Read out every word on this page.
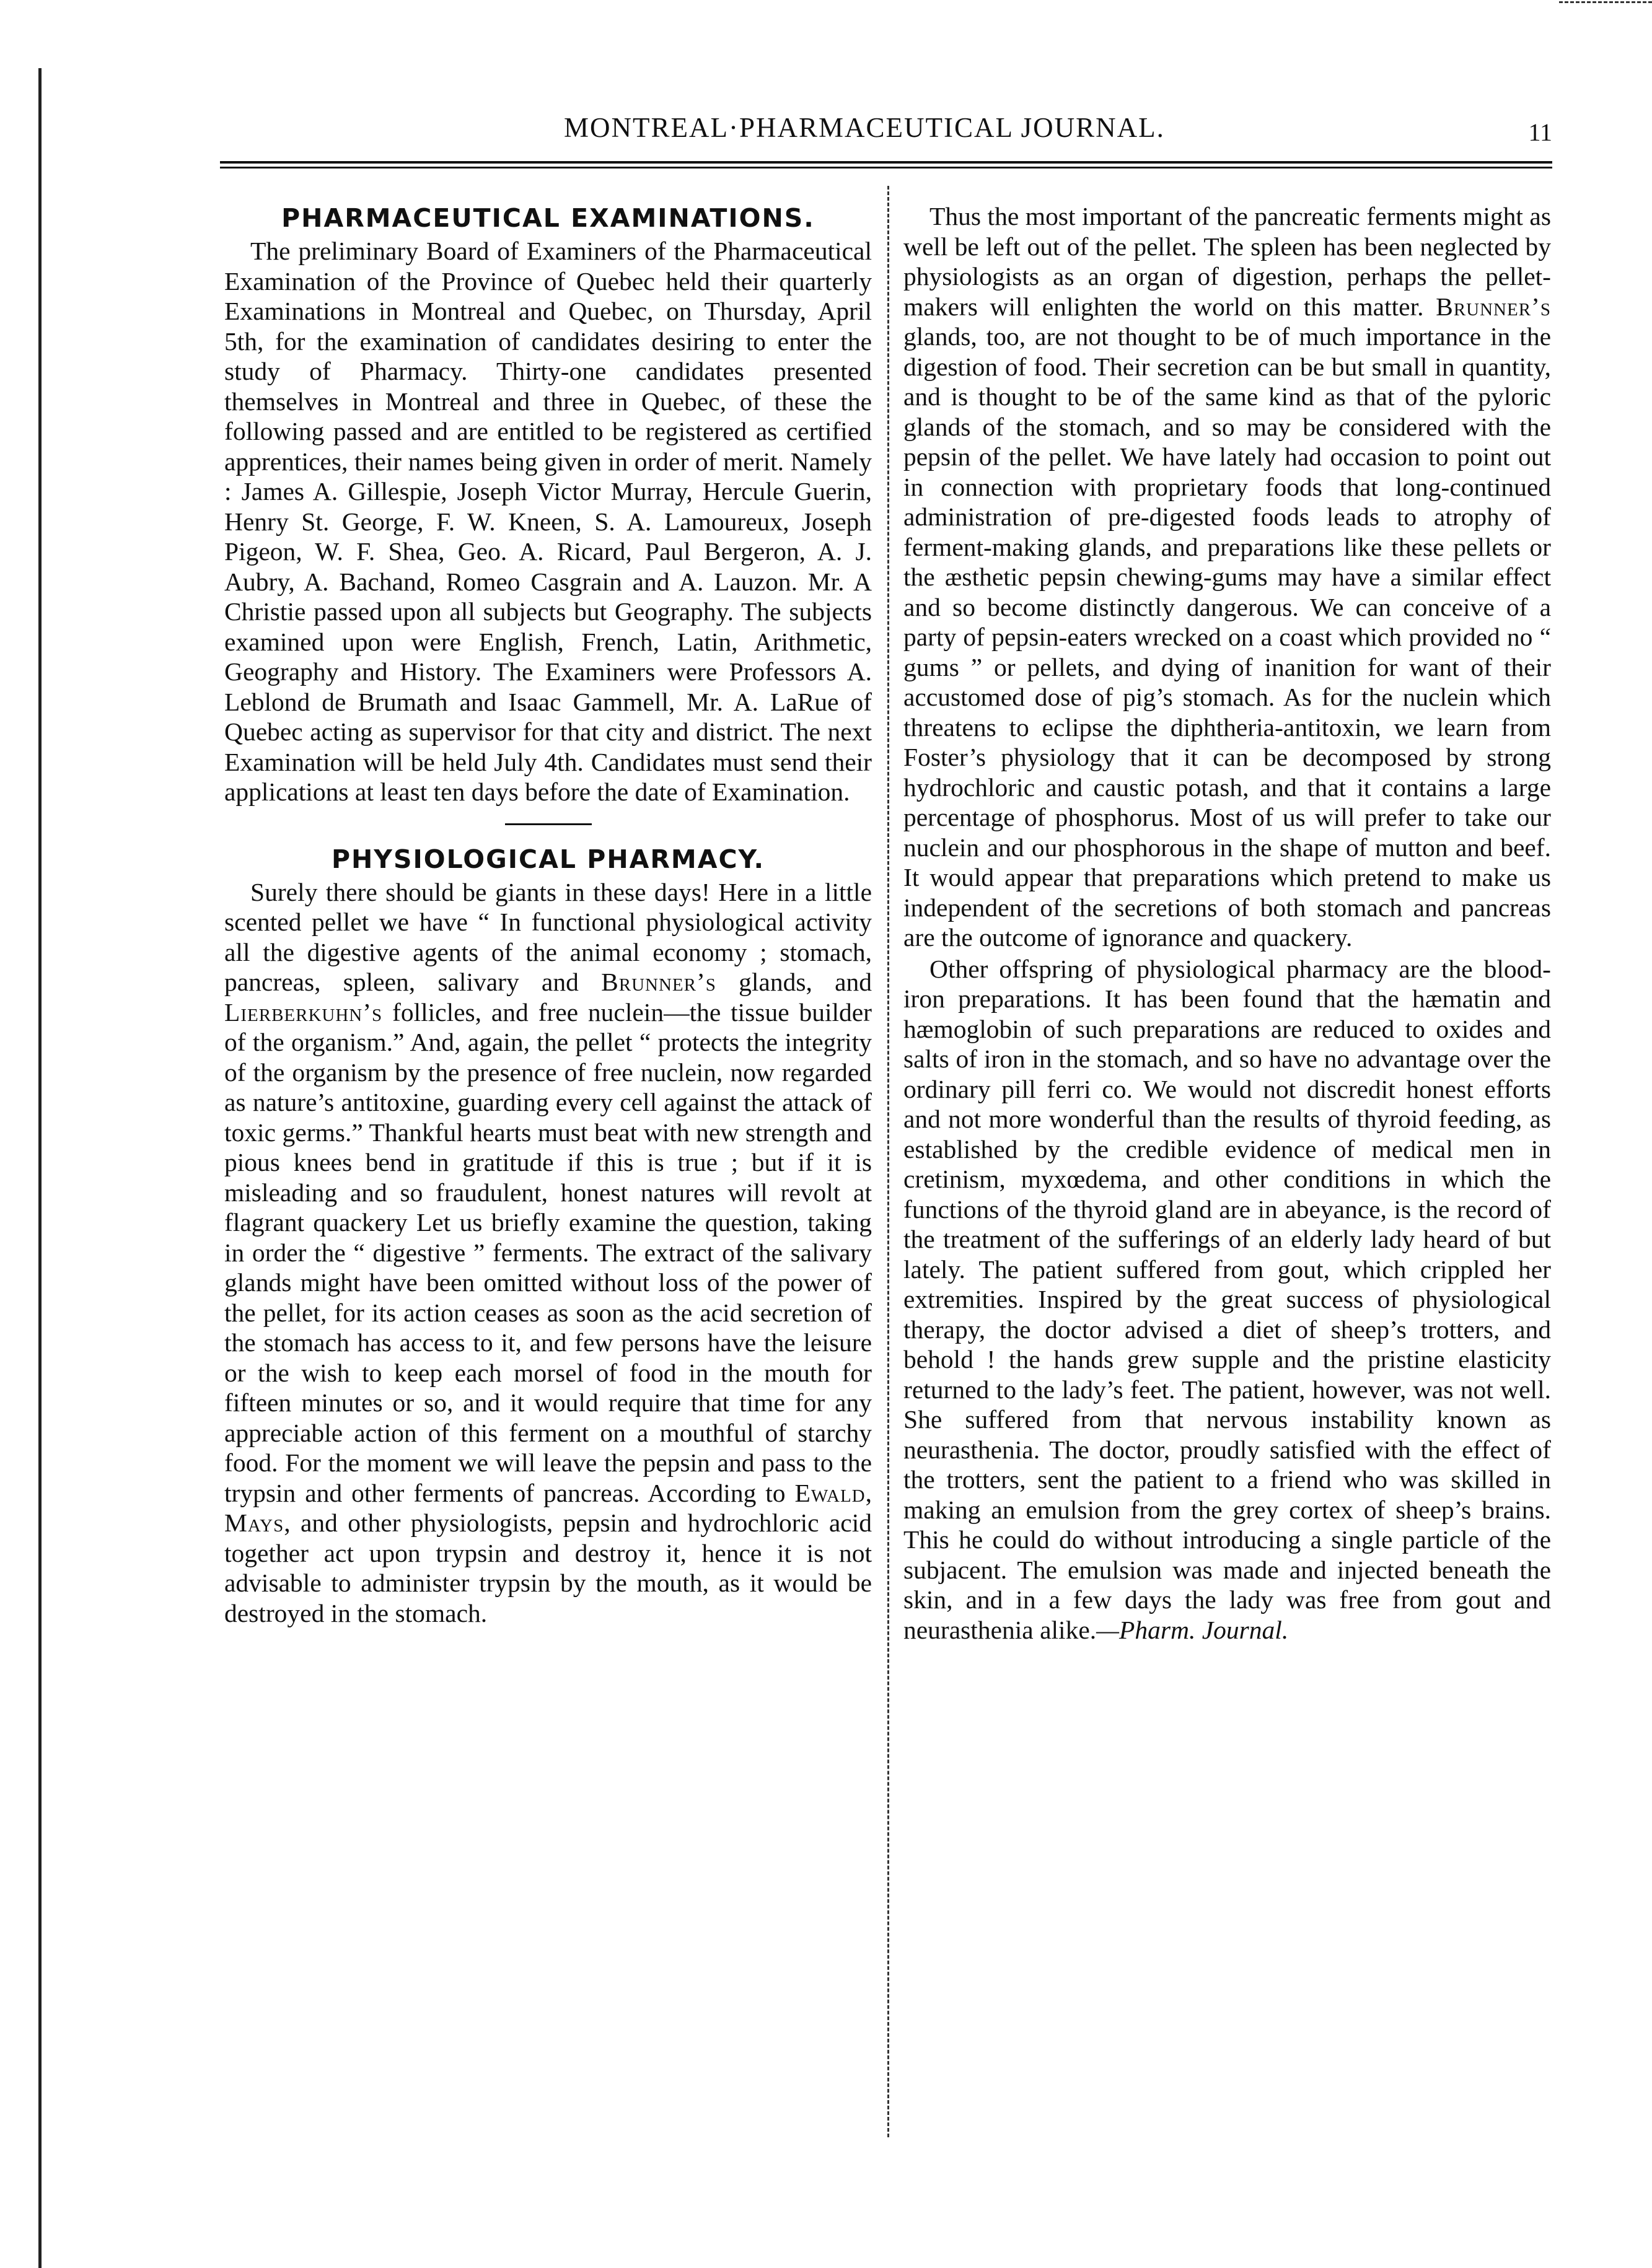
MONTREAL·PHARMACEUTICAL JOURNAL.	11
PHARMACEUTICAL EXAMINATIONS.

The preliminary Board of Examiners of the Pharmaceutical Examination of the Province of Quebec held their quarterly Examinations in Montreal and Quebec, on Thursday, April 5th, for the examination of candidates desiring to enter the study of Pharmacy. Thirty-one candidates presented themselves in Montreal and three in Quebec, of these the following passed and are entitled to be registered as certified apprentices, their names being given in order of merit. Namely : James A. Gillespie, Joseph Victor Murray, Hercule Guerin, Henry St. George, F. W. Kneen, S. A. Lamoureux, Joseph Pigeon, W. F. Shea, Geo. A. Ricard, Paul Bergeron, A. J. Aubry, A. Bachand, Romeo Casgrain and A. Lauzon. Mr. A Christie passed upon all subjects but Geography. The subjects examined upon were English, French, Latin, Arithmetic, Geography and History. The Examiners were Professors A. Leblond de Brumath and Isaac Gammell, Mr. A. LaRue of Quebec acting as supervisor for that city and district. The next Examination will be held July 4th. Candidates must send their applications at least ten days before the date of Examination.

PHYSIOLOGICAL PHARMACY.

Surely there should be giants in these days! Here in a little scented pellet we have “ In functional physiological activity all the digestive agents of the animal economy ; stomach, pancreas, spleen, salivary and Brunner’s glands, and Lierberkuhn’s follicles, and free nuclein—the tissue builder of the organism.” And, again, the pellet “ protects the integrity of the organism by the presence of free nuclein, now regarded as nature’s antitoxine, guarding every cell against the attack of toxic germs.” Thankful hearts must beat with new strength and pious knees bend in gratitude if this is true ; but if it is misleading and so fraudulent, honest natures will revolt at flagrant quackery Let us briefly examine the question, taking in order the “ digestive ” ferments. The extract of the salivary glands might have been omitted without loss of the power of the pellet, for its action ceases as soon as the acid secretion of the stomach has access to it, and few persons have the leisure or the wish to keep each morsel of food in the mouth for fifteen minutes or so, and it would require that time for any appreciable action of this ferment on a mouthful of starchy food. For the moment we will leave the pepsin and pass to the trypsin and other ferments of pancreas. According to Ewald, Mays, and other physiologists, pepsin and hydrochloric acid together act upon trypsin and destroy it, hence it is not advisable to administer trypsin by the mouth, as it would be destroyed in the stomach.

Thus the most important of the pancreatic ferments might as well be left out of the pellet. The spleen has been neglected by physiologists as an organ of digestion, perhaps the pellet-makers will enlighten the world on this matter. Brunner’s glands, too, are not thought to be of much importance in the digestion of food. Their secretion can be but small in quantity, and is thought to be of the same kind as that of the pyloric glands of the stomach, and so may be considered with the pepsin of the pellet. We have lately had occasion to point out in connection with proprietary foods that long-continued administration of pre-digested foods leads to atrophy of ferment-making glands, and preparations like these pellets or the æsthetic pepsin chewing-gums may have a similar effect and so become distinctly dangerous. We can conceive of a party of pepsin-eaters wrecked on a coast which provided no “ gums ” or pellets, and dying of inanition for want of their accustomed dose of pig’s stomach. As for the nuclein which threatens to eclipse the diphtheria-antitoxin, we learn from Foster’s physiology that it can be decomposed by strong hydrochloric and caustic potash, and that it contains a large percentage of phosphorus. Most of us will prefer to take our nuclein and our phosphorous in the shape of mutton and beef. It would appear that preparations which pretend to make us independent of the secretions of both stomach and pancreas are the outcome of ignorance and quackery.

Other offspring of physiological pharmacy are the blood-iron preparations. It has been found that the hæmatin and hæmoglobin of such preparations are reduced to oxides and salts of iron in the stomach, and so have no advantage over the ordinary pill ferri co. We would not discredit honest efforts and not more wonderful than the results of thyroid feeding, as established by the credible evidence of medical men in cretinism, myxœdema, and other conditions in which the functions of the thyroid gland are in abeyance, is the record of the treatment of the sufferings of an elderly lady heard of but lately. The patient suffered from gout, which crippled her extremities. Inspired by the great success of physiological therapy, the doctor advised a diet of sheep’s trotters, and behold ! the hands grew supple and the pristine elasticity returned to the lady’s feet. The patient, however, was not well. She suffered from that nervous instability known as neurasthenia. The doctor, proudly satisfied with the effect of the trotters, sent the patient to a friend who was skilled in making an emulsion from the grey cortex of sheep’s brains. This he could do without introducing a single particle of the subjacent. The emulsion was made and injected beneath the skin, and in a few days the lady was free from gout and neurasthenia alike.—Pharm. Journal.
